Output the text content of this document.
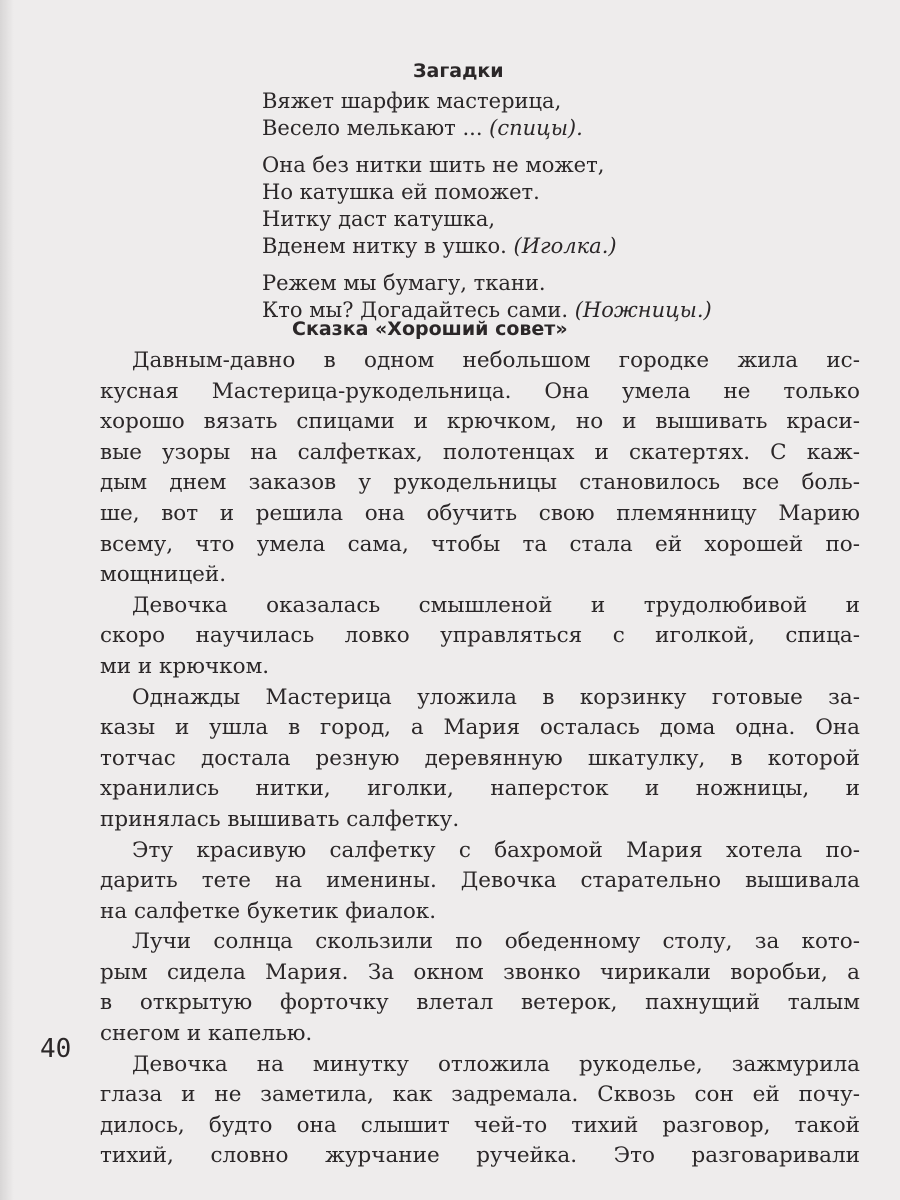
Загадки
Вяжет шарфик мастерица,
Весело мелькают ... (спицы).
Она без нитки шить не может,
Но катушка ей поможет.
Нитку даст катушка,
Вденем нитку в ушко. (Иголка.)
Режем мы бумагу, ткани.
Кто мы? Догадайтесь сами. (Ножницы.)
Сказка «Хороший совет»
Давным-давно в одном небольшом городке жила ис-
кусная Мастерица-рукодельница. Она умела не только
хорошо вязать спицами и крючком, но и вышивать краси-
вые узоры на салфетках, полотенцах и скатертях. С каж-
дым днем заказов у рукодельницы становилось все боль-
ше, вот и решила она обучить свою племянницу Марию
всему, что умела сама, чтобы та стала ей хорошей по-
мощницей.
Девочка оказалась смышленой и трудолюбивой и
скоро научилась ловко управляться с иголкой, спица-
ми и крючком.
Однажды Мастерица уложила в корзинку готовые за-
казы и ушла в город, а Мария осталась дома одна. Она
тотчас достала резную деревянную шкатулку, в которой
хранились нитки, иголки, наперсток и ножницы, и
принялась вышивать салфетку.
Эту красивую салфетку с бахромой Мария хотела по-
дарить тете на именины. Девочка старательно вышивала
на салфетке букетик фиалок.
Лучи солнца скользили по обеденному столу, за кото-
рым сидела Мария. За окном звонко чирикали воробьи, а
в открытую форточку влетал ветерок, пахнущий талым
снегом и капелью.
Девочка на минутку отложила рукоделье, зажмурила
глаза и не заметила, как задремала. Сквозь сон ей почу-
дилось, будто она слышит чей-то тихий разговор, такой
тихий, словно журчание ручейка. Это разговаривали
40
